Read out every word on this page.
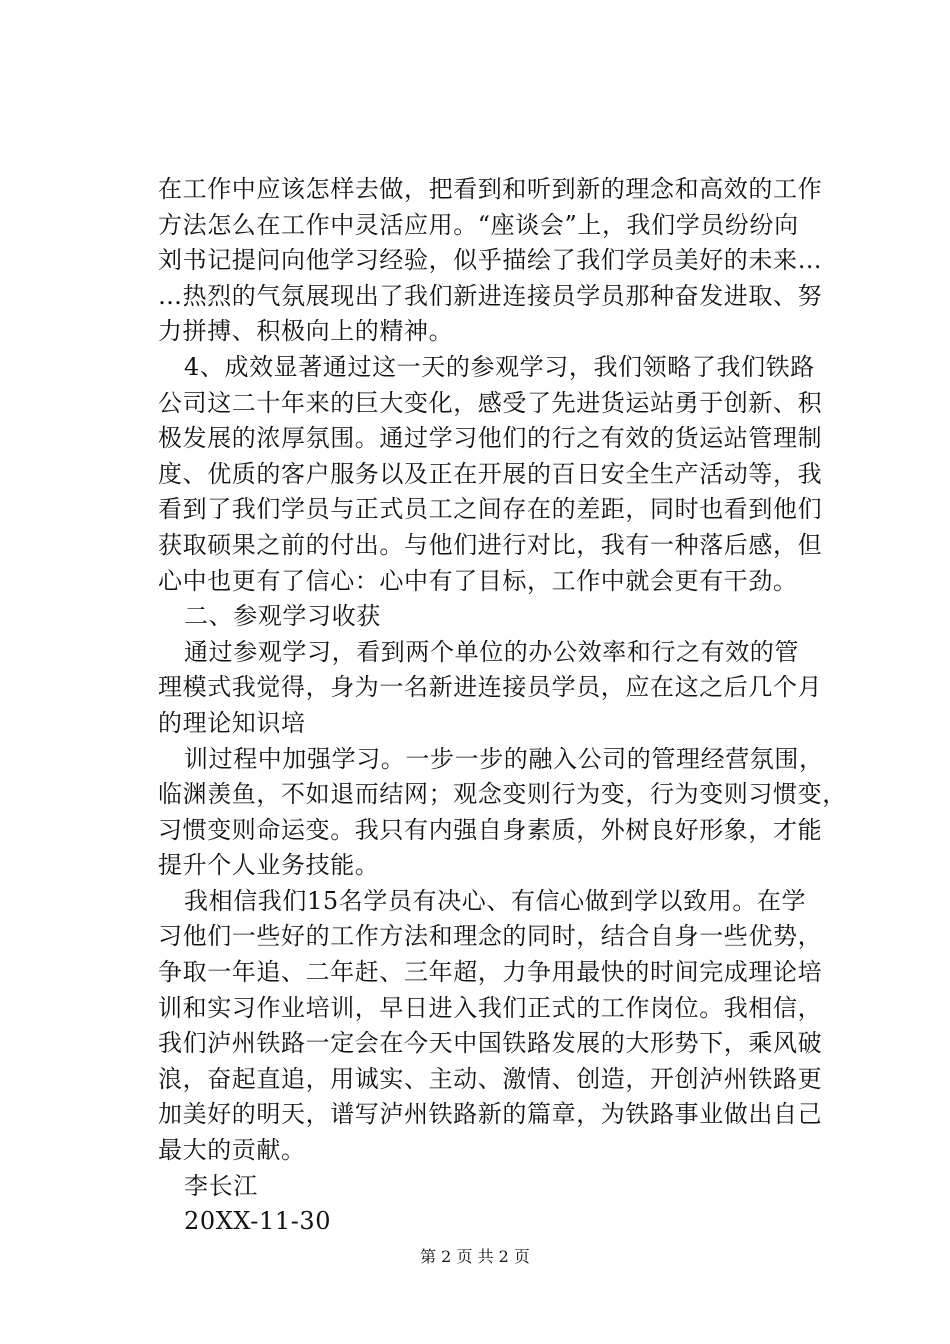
在工作中应该怎样去做，把看到和听到新的理念和高效的工作
方法怎么在工作中灵活应用。“座谈会”上，我们学员纷纷向
刘书记提问向他学习经验，似乎描绘了我们学员美好的未来…
…热烈的气氛展现出了我们新进连接员学员那种奋发进取、努
力拼搏、积极向上的精神。
4、成效显著通过这一天的参观学习，我们领略了我们铁路
公司这二十年来的巨大变化，感受了先进货运站勇于创新、积
极发展的浓厚氛围。通过学习他们的行之有效的货运站管理制
度、优质的客户服务以及正在开展的百日安全生产活动等，我
看到了我们学员与正式员工之间存在的差距，同时也看到他们
获取硕果之前的付出。与他们进行对比，我有一种落后感，但
心中也更有了信心：心中有了目标，工作中就会更有干劲。
二、参观学习收获
通过参观学习，看到两个单位的办公效率和行之有效的管
理模式我觉得，身为一名新进连接员学员，应在这之后几个月
的理论知识培
训过程中加强学习。一步一步的融入公司的管理经营氛围，
临渊羡鱼，不如退而结网；观念变则行为变，行为变则习惯变，
习惯变则命运变。我只有内强自身素质，外树良好形象，才能
提升个人业务技能。
我相信我们15名学员有决心、有信心做到学以致用。在学
习他们一些好的工作方法和理念的同时，结合自身一些优势，
争取一年追、二年赶、三年超，力争用最快的时间完成理论培
训和实习作业培训，早日进入我们正式的工作岗位。我相信，
我们泸州铁路一定会在今天中国铁路发展的大形势下，乘风破
浪，奋起直追，用诚实、主动、激情、创造，开创泸州铁路更
加美好的明天，谱写泸州铁路新的篇章，为铁路事业做出自己
最大的贡献。
李长江
20XX-11-30
第 2 页 共 2 页
